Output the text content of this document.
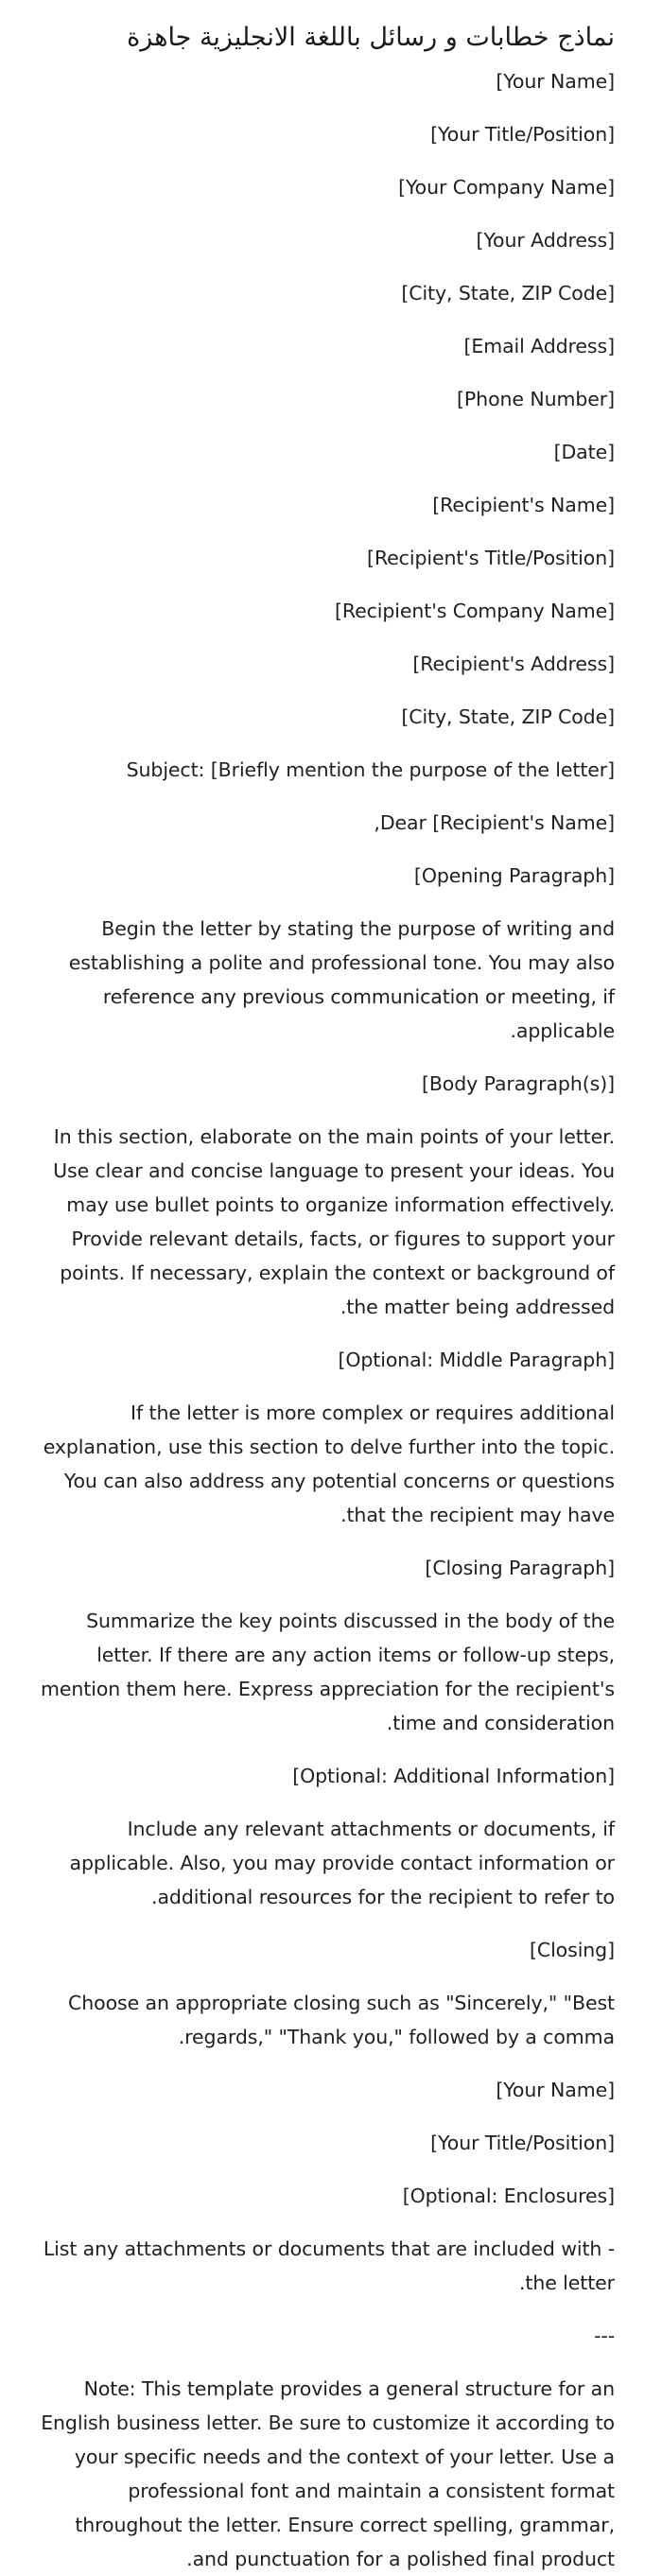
نماذج خطابات و رسائل باللغة الانجليزية جاهزة

[Your Name]

[Your Title/Position]

[Your Company Name]

[Your Address]

[City, State, ZIP Code]

[Email Address]

[Phone Number]

[Date]

[Recipient's Name]

[Recipient's Title/Position]

[Recipient's Company Name]

[Recipient's Address]

[City, State, ZIP Code]

Subject: [Briefly mention the purpose of the letter]

Dear [Recipient's Name],

[Opening Paragraph]

Begin the letter by stating the purpose of writing and establishing a polite and professional tone. You may also reference any previous communication or meeting, if applicable.

[Body Paragraph(s)]

In this section, elaborate on the main points of your letter. Use clear and concise language to present your ideas. You may use bullet points to organize information effectively. Provide relevant details, facts, or figures to support your points. If necessary, explain the context or background of the matter being addressed.

[Optional: Middle Paragraph]

If the letter is more complex or requires additional explanation, use this section to delve further into the topic. You can also address any potential concerns or questions that the recipient may have.

[Closing Paragraph]

Summarize the key points discussed in the body of the letter. If there are any action items or follow-up steps, mention them here. Express appreciation for the recipient's time and consideration.

[Optional: Additional Information]

Include any relevant attachments or documents, if applicable. Also, you may provide contact information or additional resources for the recipient to refer to.

[Closing]

Choose an appropriate closing such as "Sincerely," "Best regards," "Thank you," followed by a comma.

[Your Name]

[Your Title/Position]

[Optional: Enclosures]

- List any attachments or documents that are included with the letter.

---

Note: This template provides a general structure for an English business letter. Be sure to customize it according to your specific needs and the context of your letter. Use a professional font and maintain a consistent format throughout the letter. Ensure correct spelling, grammar, and punctuation for a polished final product.
